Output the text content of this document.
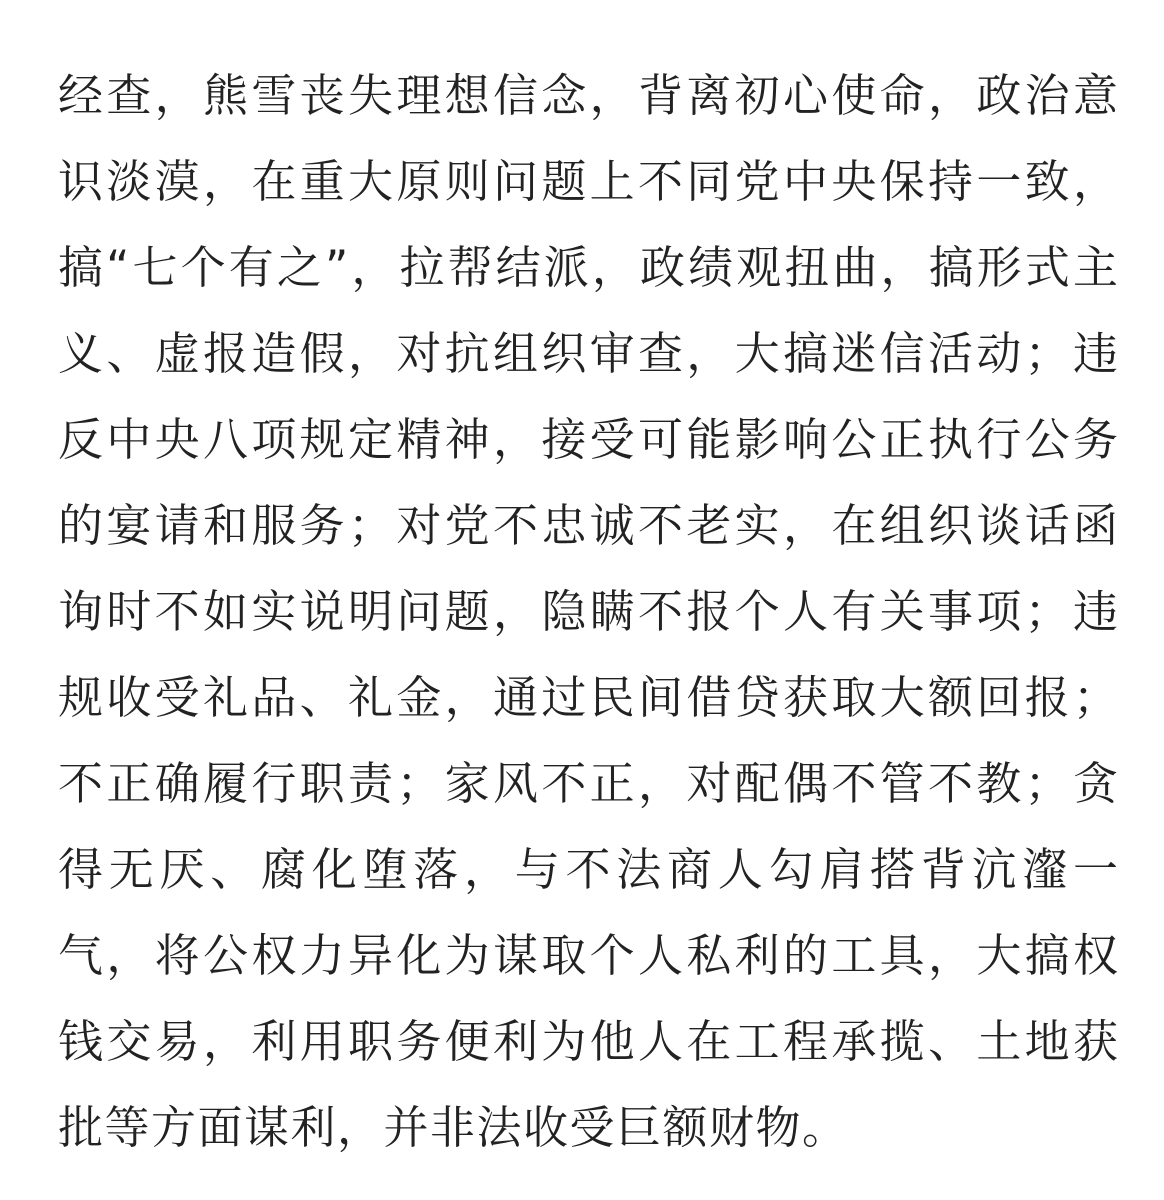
经查，熊雪丧失理想信念，背离初心使命，政治意
识淡漠，在重大原则问题上不同党中央保持一致，
搞“七个有之”，拉帮结派，政绩观扭曲，搞形式主
义、虚报造假，对抗组织审查，大搞迷信活动；违
反中央八项规定精神，接受可能影响公正执行公务
的宴请和服务；对党不忠诚不老实，在组织谈话函
询时不如实说明问题，隐瞒不报个人有关事项；违
规收受礼品、礼金，通过民间借贷获取大额回报；
不正确履行职责；家风不正，对配偶不管不教；贪
得无厌、腐化堕落，与不法商人勾肩搭背沆瀣一
气，将公权力异化为谋取个人私利的工具，大搞权
钱交易，利用职务便利为他人在工程承揽、土地获
批等方面谋利，并非法收受巨额财物。
